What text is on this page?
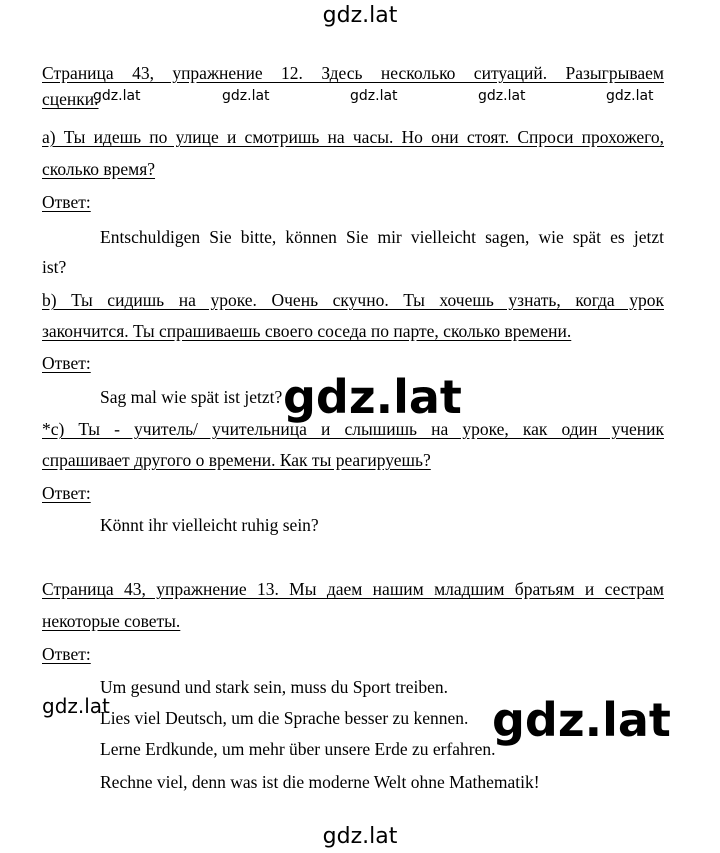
gdz.lat
gdz.lat	gdz.lat	gdz.lat	gdz.lat	gdz.lat
gdz.lat
gdz.lat	gdz.lat
gdz.lat
Страница 43, упражнение 12. Здесь несколько ситуаций. Разыгрываем
сценки.
а) Ты идешь по улице и смотришь на часы. Но они стоят. Спроси прохожего,
сколько время?
Ответ:
Entschuldigen Sie bitte, können Sie mir vielleicht sagen, wie spät es jetzt
ist?
b) Ты сидишь на уроке. Очень скучно. Ты хочешь узнать, когда урок
закончится. Ты спрашиваешь своего соседа по парте, сколько времени.
Ответ:
Sag mal wie spät ist jetzt?
*с) Ты - учитель/ учительница и слышишь на уроке, как один ученик
спрашивает другого о времени. Как ты реагируешь?
Ответ:
Könnt ihr vielleicht ruhig sein?
Страница 43, упражнение 13. Мы даем нашим младшим братьям и сестрам
некоторые советы.
Ответ:
Um gesund und stark sein, muss du Sport treiben.
Lies viel Deutsch, um die Sprache besser zu kennen.
Lerne Erdkunde, um mehr über unsere Erde zu erfahren.
Rechne viel, denn was ist die moderne Welt ohne Mathematik!
